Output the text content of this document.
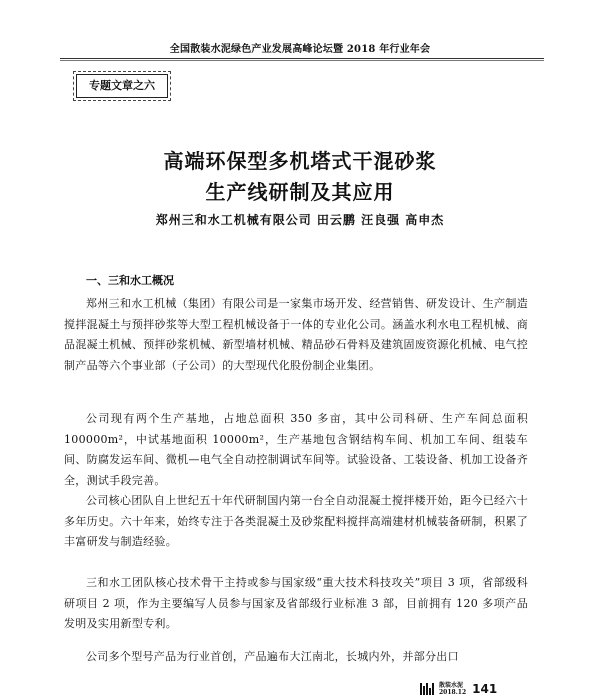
全国散装水泥绿色产业发展高峰论坛暨 2018 年行业年会
专题文章之六
高端环保型多机塔式干混砂浆
生产线研制及其应用
郑州三和水工机械有限公司 田云鹏 汪良强 高申杰
一、三和水工概况

郑州三和水工机械（集团）有限公司是一家集市场开发、经营销售、研发设计、生产制造搅拌混凝土与预拌砂浆等大型工程机械设备于一体的专业化公司。涵盖水利水电工程机械、商品混凝土机械、预拌砂浆机械、新型墙材机械、精品砂石骨料及建筑固废资源化机械、电气控制产品等六个事业部（子公司）的大型现代化股份制企业集团。

公司现有两个生产基地，占地总面积 350 多亩，其中公司科研、生产车间总面积 100000m²，中试基地面积 10000m²，生产基地包含钢结构车间、机加工车间、组装车间、防腐发运车间、微机—电气全自动控制调试车间等。试验设备、工装设备、机加工设备齐全，测试手段完善。

公司核心团队自上世纪五十年代研制国内第一台全自动混凝土搅拌楼开始，距今已经六十多年历史。六十年来，始终专注于各类混凝土及砂浆配料搅拌高端建材机械装备研制，积累了丰富研发与制造经验。

三和水工团队核心技术骨干主持或参与国家级“重大技术科技攻关”项目 3 项，省部级科研项目 2 项，作为主要编写人员参与国家及省部级行业标准 3 部，目前拥有 120 多项产品发明及实用新型专利。

公司多个型号产品为行业首创，产品遍布大江南北，长城内外，并部分出口

散装水泥
2018.12 141
